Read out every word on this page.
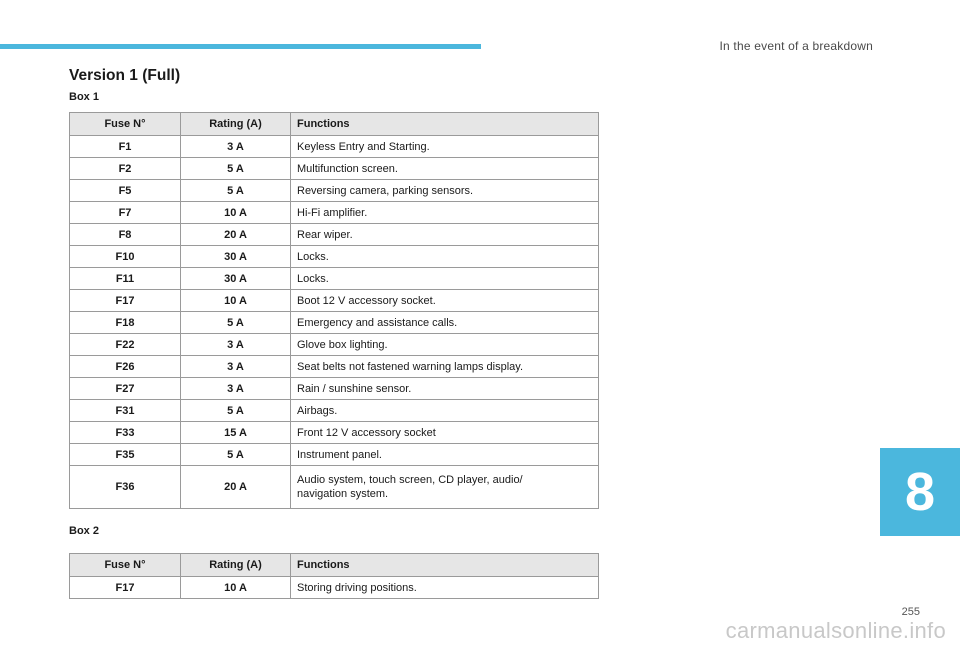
In the event of a breakdown
Version 1 (Full)
Box 1
Fuse N°	Rating (A)	Functions
F1	3 A	Keyless Entry and Starting.
F2	5 A	Multifunction screen.
F5	5 A	Reversing camera, parking sensors.
F7	10 A	Hi-Fi amplifier.
F8	20 A	Rear wiper.
F10	30 A	Locks.
F11	30 A	Locks.
F17	10 A	Boot 12 V accessory socket.
F18	5 A	Emergency and assistance calls.
F22	3 A	Glove box lighting.
F26	3 A	Seat belts not fastened warning lamps display.
F27	3 A	Rain / sunshine sensor.
F31	5 A	Airbags.
F33	15 A	Front 12 V accessory socket
F35	5 A	Instrument panel.
F36	20 A	Audio system, touch screen, CD player, audio/
navigation system.
Box 2
Fuse N°	Rating (A)	Functions
F17	10 A	Storing driving positions.
8
255
carmanualsonline.info
